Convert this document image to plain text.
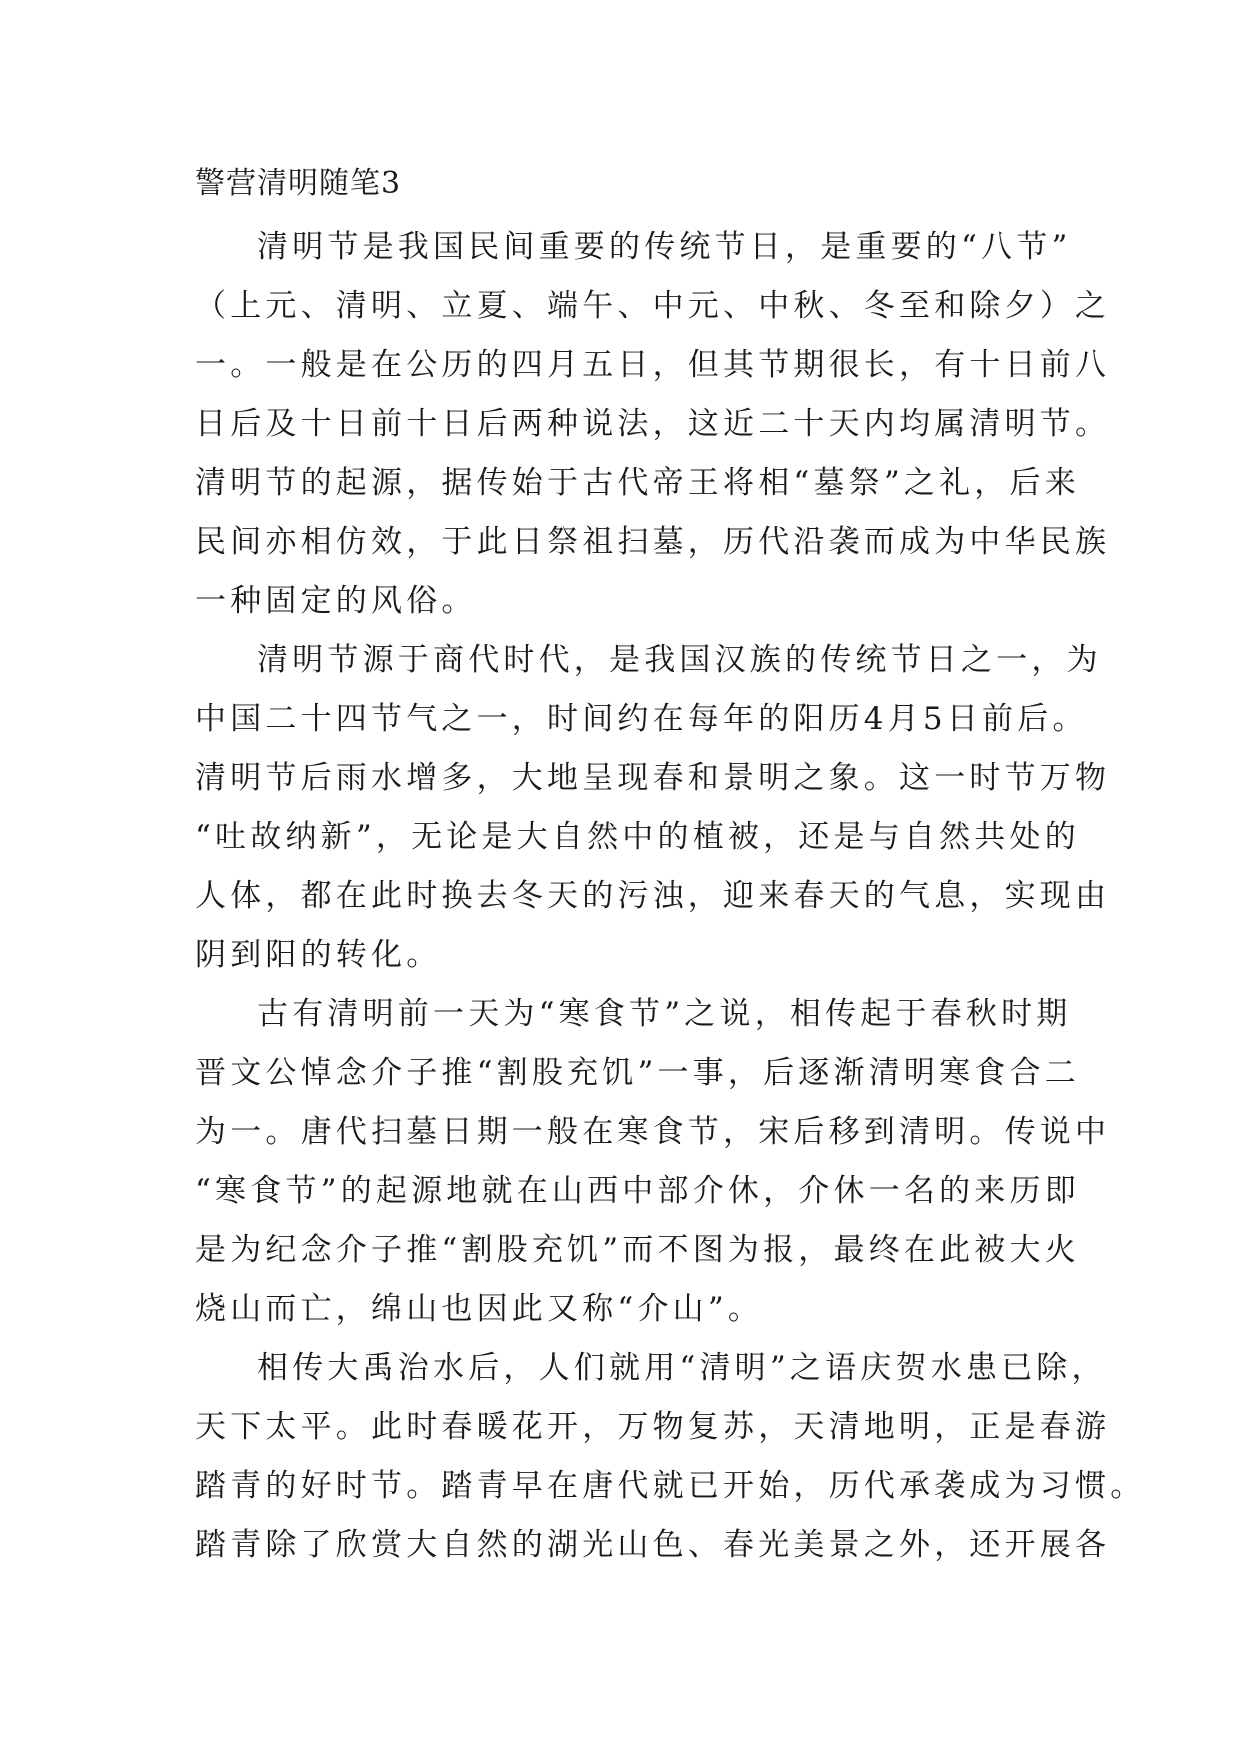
警营清明随笔3
清明节是我国民间重要的传统节日，是重要的“八节”
（上元、清明、立夏、端午、中元、中秋、冬至和除夕）之
一。一般是在公历的四月五日，但其节期很长，有十日前八
日后及十日前十日后两种说法，这近二十天内均属清明节。
清明节的起源，据传始于古代帝王将相“墓祭”之礼，后来
民间亦相仿效，于此日祭祖扫墓，历代沿袭而成为中华民族
一种固定的风俗。
清明节源于商代时代，是我国汉族的传统节日之一，为
中国二十四节气之一，时间约在每年的阳历4月5日前后。
清明节后雨水增多，大地呈现春和景明之象。这一时节万物
“吐故纳新”，无论是大自然中的植被，还是与自然共处的
人体，都在此时换去冬天的污浊，迎来春天的气息，实现由
阴到阳的转化。
古有清明前一天为“寒食节”之说，相传起于春秋时期
晋文公悼念介子推“割股充饥”一事，后逐渐清明寒食合二
为一。唐代扫墓日期一般在寒食节，宋后移到清明。传说中
“寒食节”的起源地就在山西中部介休，介休一名的来历即
是为纪念介子推“割股充饥”而不图为报，最终在此被大火
烧山而亡，绵山也因此又称“介山”。
相传大禹治水后，人们就用“清明”之语庆贺水患已除，
天下太平。此时春暖花开，万物复苏，天清地明，正是春游
踏青的好时节。踏青早在唐代就已开始，历代承袭成为习惯。
踏青除了欣赏大自然的湖光山色、春光美景之外，还开展各
